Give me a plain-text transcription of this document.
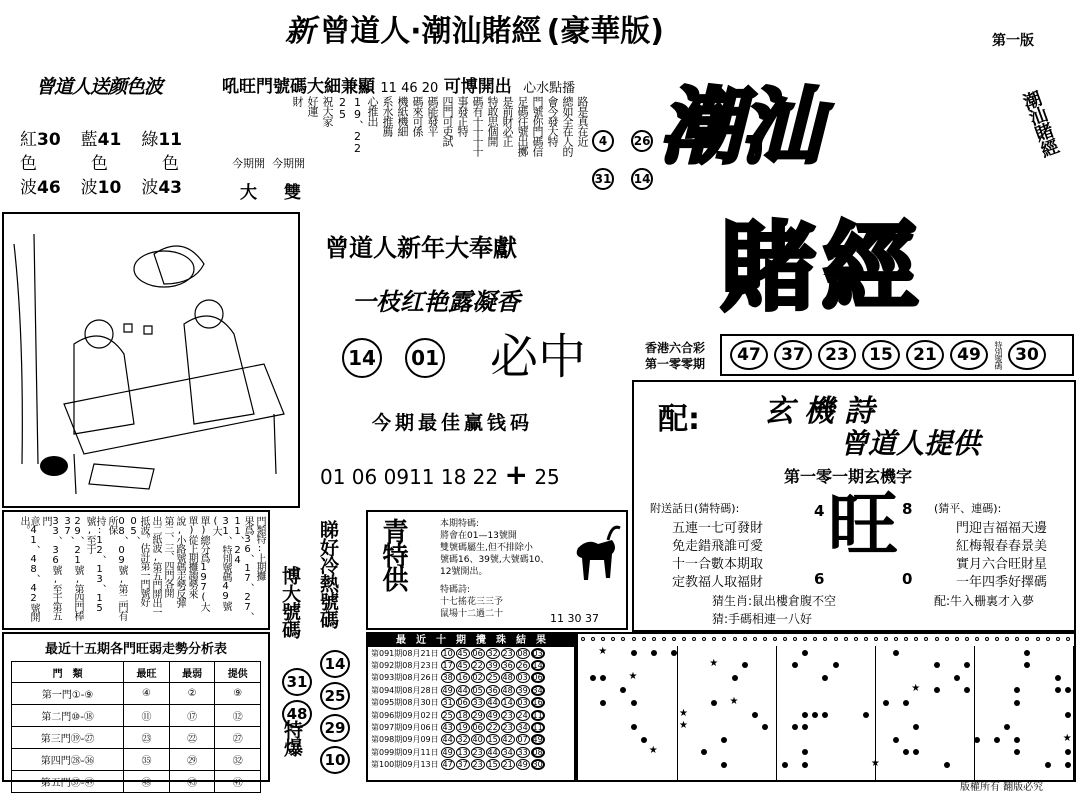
新 曾道人·潮汕賭經 (豪華版)	第一版
曾道人送颜色波
紅30 藍41 綠11
色	色	色
波46 波10 波43
吼旺門號碼大細兼顯 11 46 20 可博開出 心水點播
路是真在近
總如全在人的
會今發大特
門號你門碼信
足碼往號出擲
是前財必正
特敢思個開
碼有十十十十
事發正特
四門可吏試
碼能發平
碼來可係
機紙機細
系水推薦
心推出
19、22
25
祝大家
好運
財
4 26
31 14
今期開 今期開
大 雙
潮汕
賭經
潮汕賭經
曾道人新年大奉獻
一枝红艳露凝香
14 01 必中
今期最佳赢钱码
01 06 0911 18 22 + 25
香港六合彩
第一零零期	47	37	23	15	21	49	特別號碼 30
配: 玄機詩
曾道人提供
第一零一期玄機字
附送話日(猜特碼):	(猜平、連碼):
五連一七可發財
免走錯飛誰可愛
十一合數本期取
定教福人取福財
門迎吉福福天邊
紅梅報春春景美
實月六合旺財星
一年四季好擇碼
旺
4	8
6	0
猜生肖:鼠出樓倉腹不空	配:牛入栅裏才入夢
猜:手碼相連一八好
門類特:上期攤
果爲36、17、27、11、24
31、特別號碼49號(大
單)總分爲197(大
單)從上期攤趨勢來
說,小路號碼走勢反彈
第二、三、四門各開
出二紙波,第五門開出一
抵波。估計第一門號好05、
08、09號,第二門有所保
持:12、13、15號,至于
29、21號,第四門棒37、
33、36號,至于第五門
意41、48、42號開出。
最近十五期各門旺弱走勢分析表
門　類	最旺	最弱	提供
第一門①-⑨	④	②	⑨
第二門⑩-⑱	⑪	⑰	⑫
第三門⑲-㉗	㉓	㉒	㉗
第四門㉘-㊱	㉟	㉙	㉜
第五門㊲-㊾	㊽	㊺	㊶
睇好冷熱號碼
博大號碼
特爆
14
25
29
10
31
48
青特供	本期特碼:
將會在01—13號開
雙號碼屬生,但不排除小
號碼16、39號,大號碼10、
12號開出。
特碼詩:
十七搖花三三予
鼠場十二過二十	11 30 37
最　近　十　期　攪　珠　結　果
第091期08月21日	10 45 06 32 23 08 03
第092期08月23日	17 45 22 39 36 26 14
第093期08月26日	38 16 02 25 48 03 06
第094期08月28日	49 44 05 36 48 39 34
第095期08月30日	31 06 33 44 14 03 16
第096期09月02日	25 18 29 49 23 24 11
第097期09月06日	43 19 06 22 23 34 11
第098期09月09日	44 32 40 15 42 07 49
第099期09月11日	49 13 23 44 34 33 08
第100期09月13日	47 37 23 15 21 49 30
★
★
★
★
★
★
★
★
★
★
版權所有 翻版必究
